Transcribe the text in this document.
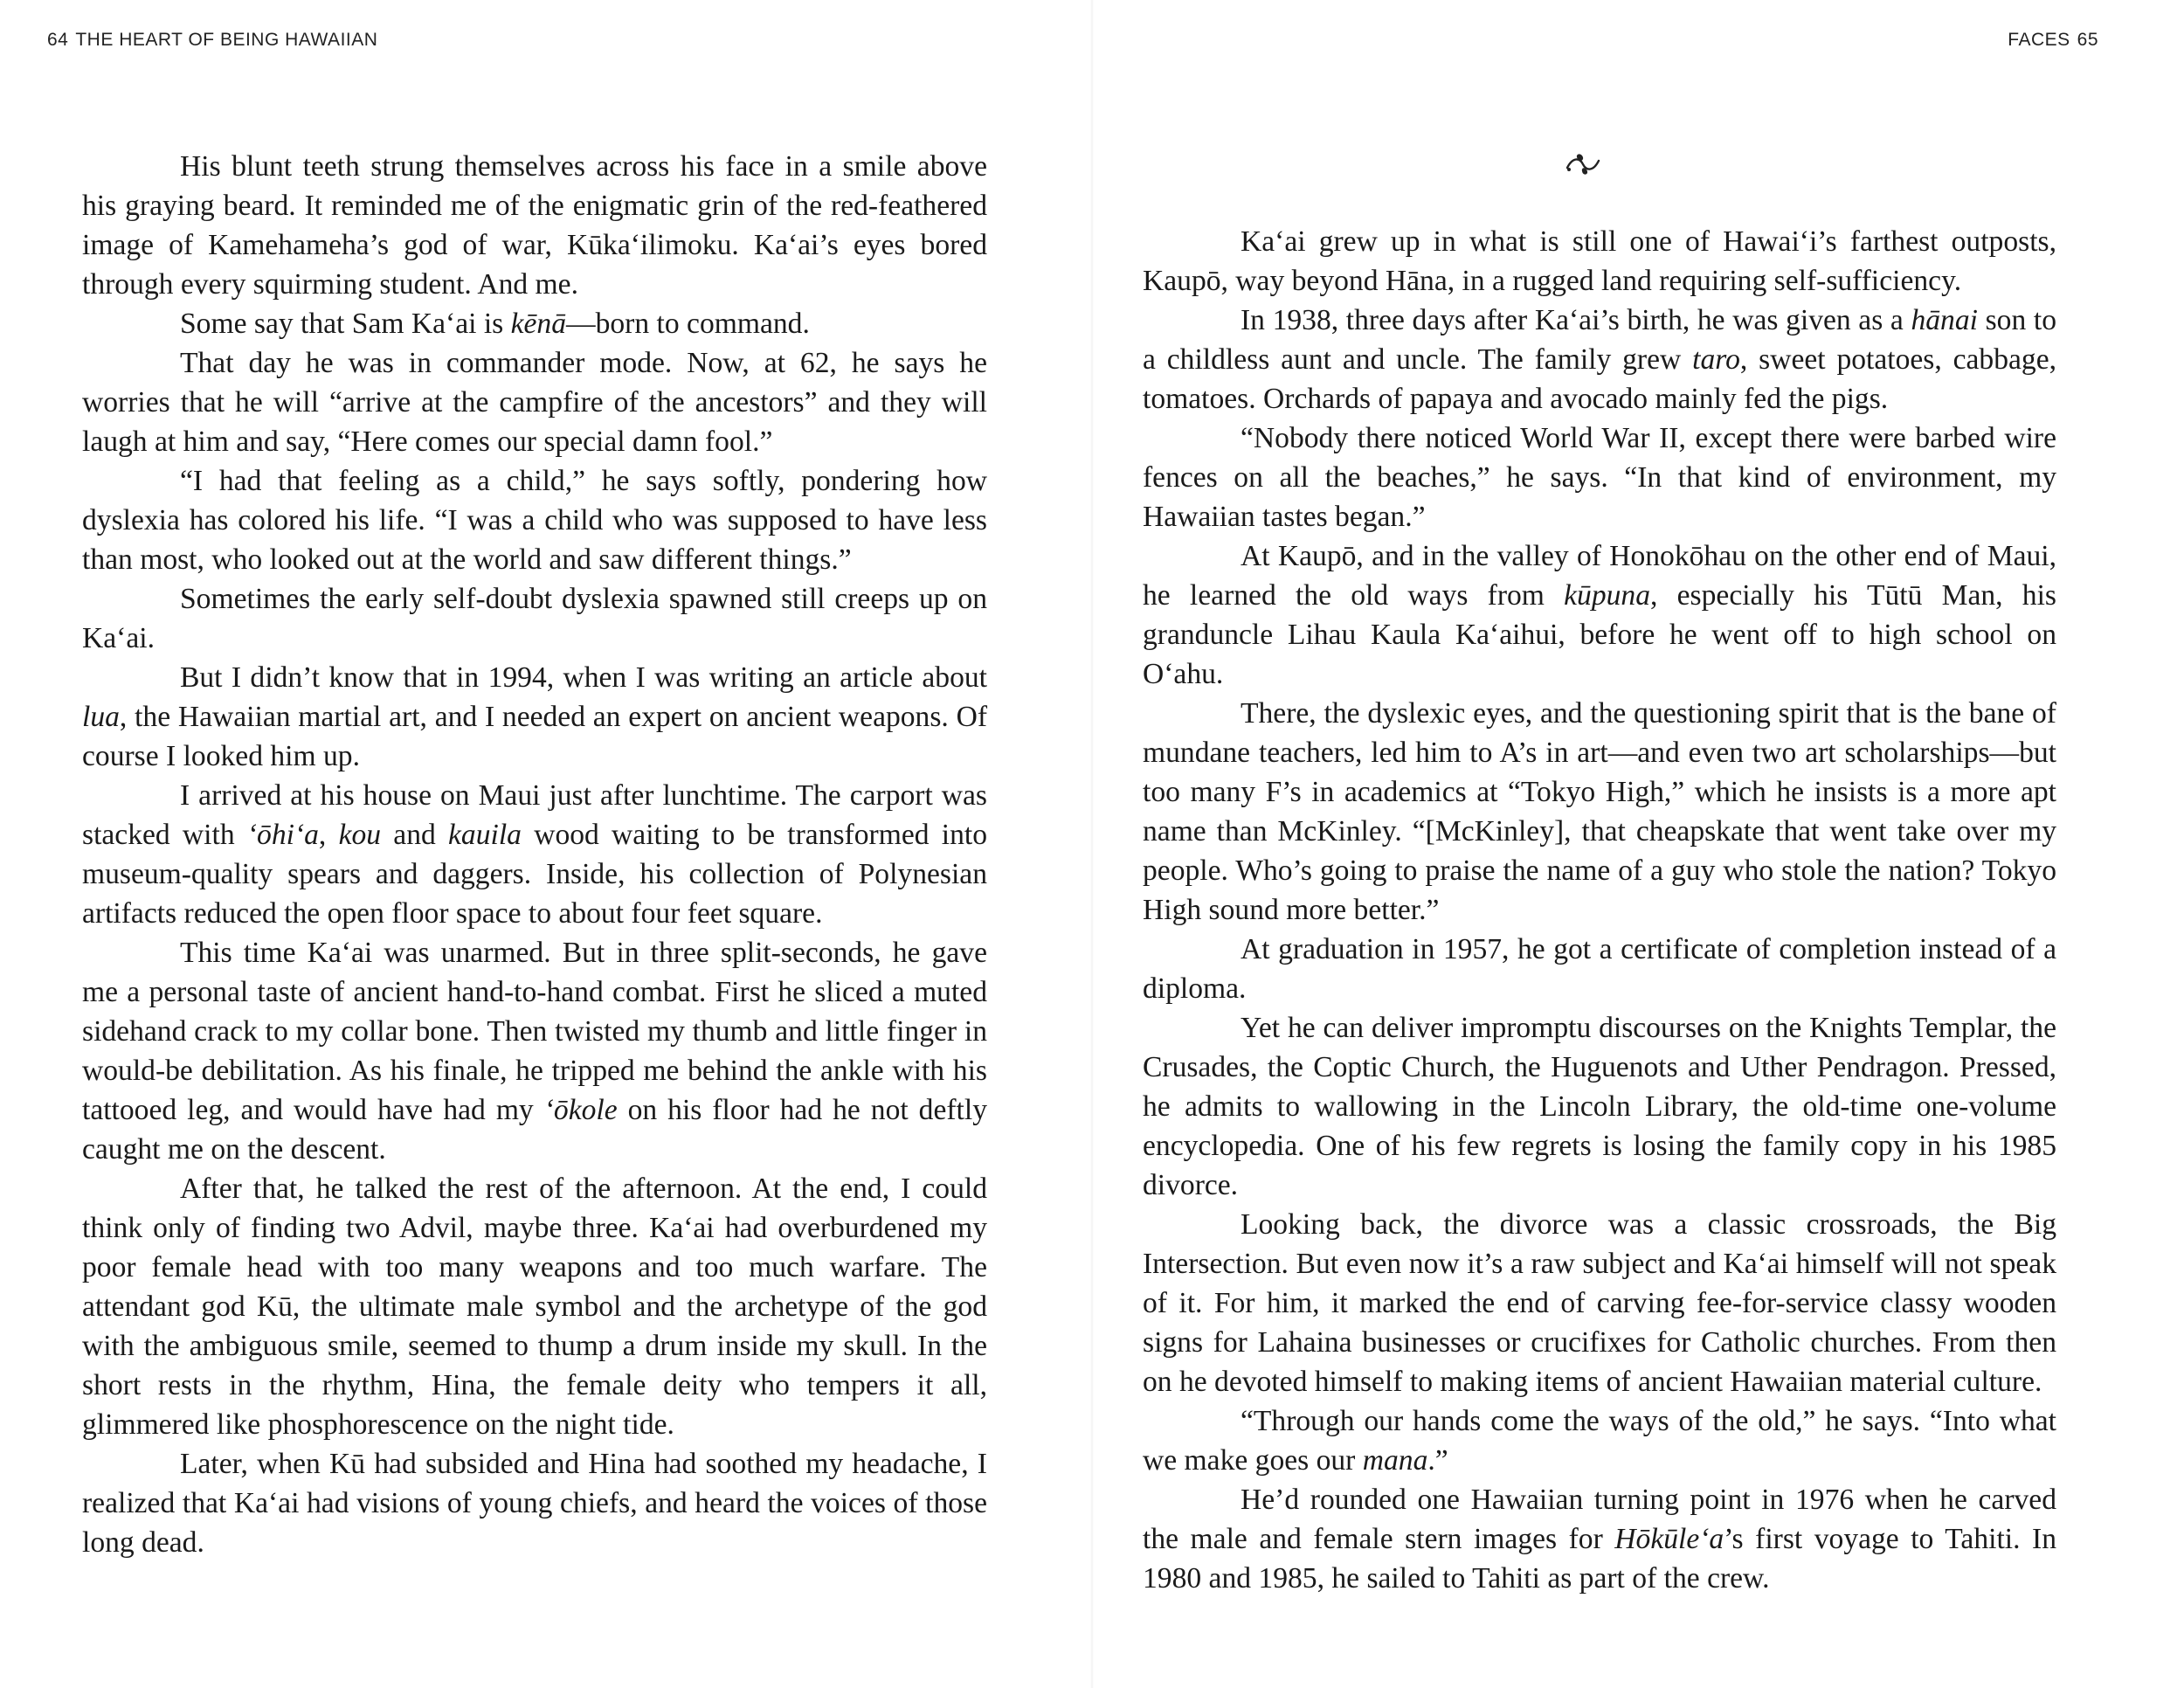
64 THE HEART OF BEING HAWAIIAN

His blunt teeth strung themselves across his face in a smile above his graying beard. It reminded me of the enigmatic grin of the red-feathered image of Kamehameha’s god of war, Kūka‘ilimoku. Ka‘ai’s eyes bored through every squirming student. And me.

Some say that Sam Ka‘ai is kēnā—born to command.

That day he was in commander mode. Now, at 62, he says he worries that he will “arrive at the campfire of the ancestors” and they will laugh at him and say, “Here comes our special damn fool.”

“I had that feeling as a child,” he says softly, pondering how dyslexia has colored his life. “I was a child who was supposed to have less than most, who looked out at the world and saw different things.”

Sometimes the early self-doubt dyslexia spawned still creeps up on Ka‘ai.

But I didn’t know that in 1994, when I was writing an article about lua, the Hawaiian martial art, and I needed an expert on ancient weapons. Of course I looked him up.

I arrived at his house on Maui just after lunchtime. The carport was stacked with ‘ōhi‘a, kou and kauila wood waiting to be transformed into museum-quality spears and daggers. Inside, his collection of Polynesian artifacts reduced the open floor space to about four feet square.

This time Ka‘ai was unarmed. But in three split-seconds, he gave me a personal taste of ancient hand-to-hand combat. First he sliced a muted sidehand crack to my collar bone. Then twisted my thumb and little finger in would-be debilitation. As his finale, he tripped me behind the ankle with his tattooed leg, and would have had my ‘ōkole on his floor had he not deftly caught me on the descent.

After that, he talked the rest of the afternoon. At the end, I could think only of finding two Advil, maybe three. Ka‘ai had overburdened my poor female head with too many weapons and too much warfare. The attendant god Kū, the ultimate male symbol and the archetype of the god with the ambiguous smile, seemed to thump a drum inside my skull. In the short rests in the rhythm, Hina, the female deity who tempers it all, glimmered like phosphorescence on the night tide.

Later, when Kū had subsided and Hina had soothed my headache, I realized that Ka‘ai had visions of young chiefs, and heard the voices of those long dead.

FACES 65

Ka‘ai grew up in what is still one of Hawai‘i’s farthest outposts, Kaupō, way beyond Hāna, in a rugged land requiring self-sufficiency.

In 1938, three days after Ka‘ai’s birth, he was given as a hānai son to a childless aunt and uncle. The family grew taro, sweet potatoes, cabbage, tomatoes. Orchards of papaya and avocado mainly fed the pigs.

“Nobody there noticed World War II, except there were barbed wire fences on all the beaches,” he says. “In that kind of environment, my Hawaiian tastes began.”

At Kaupō, and in the valley of Honokōhau on the other end of Maui, he learned the old ways from kūpuna, especially his Tūtū Man, his granduncle Lihau Kaula Ka‘aihui, before he went off to high school on O‘ahu.

There, the dyslexic eyes, and the questioning spirit that is the bane of mundane teachers, led him to A’s in art—and even two art scholarships—but too many F’s in academics at “Tokyo High,” which he insists is a more apt name than McKinley. “[McKinley], that cheapskate that went take over my people. Who’s going to praise the name of a guy who stole the nation? Tokyo High sound more better.”

At graduation in 1957, he got a certificate of completion instead of a diploma.

Yet he can deliver impromptu discourses on the Knights Templar, the Crusades, the Coptic Church, the Huguenots and Uther Pendragon. Pressed, he admits to wallowing in the Lincoln Library, the old-time one-volume encyclopedia. One of his few regrets is losing the family copy in his 1985 divorce.

Looking back, the divorce was a classic crossroads, the Big Intersection. But even now it’s a raw subject and Ka‘ai himself will not speak of it. For him, it marked the end of carving fee-for-service classy wooden signs for Lahaina businesses or crucifixes for Catholic churches. From then on he devoted himself to making items of ancient Hawaiian material culture.

“Through our hands come the ways of the old,” he says. “Into what we make goes our mana.”

He’d rounded one Hawaiian turning point in 1976 when he carved the male and female stern images for Hōkūle‘a’s first voyage to Tahiti. In 1980 and 1985, he sailed to Tahiti as part of the crew.
